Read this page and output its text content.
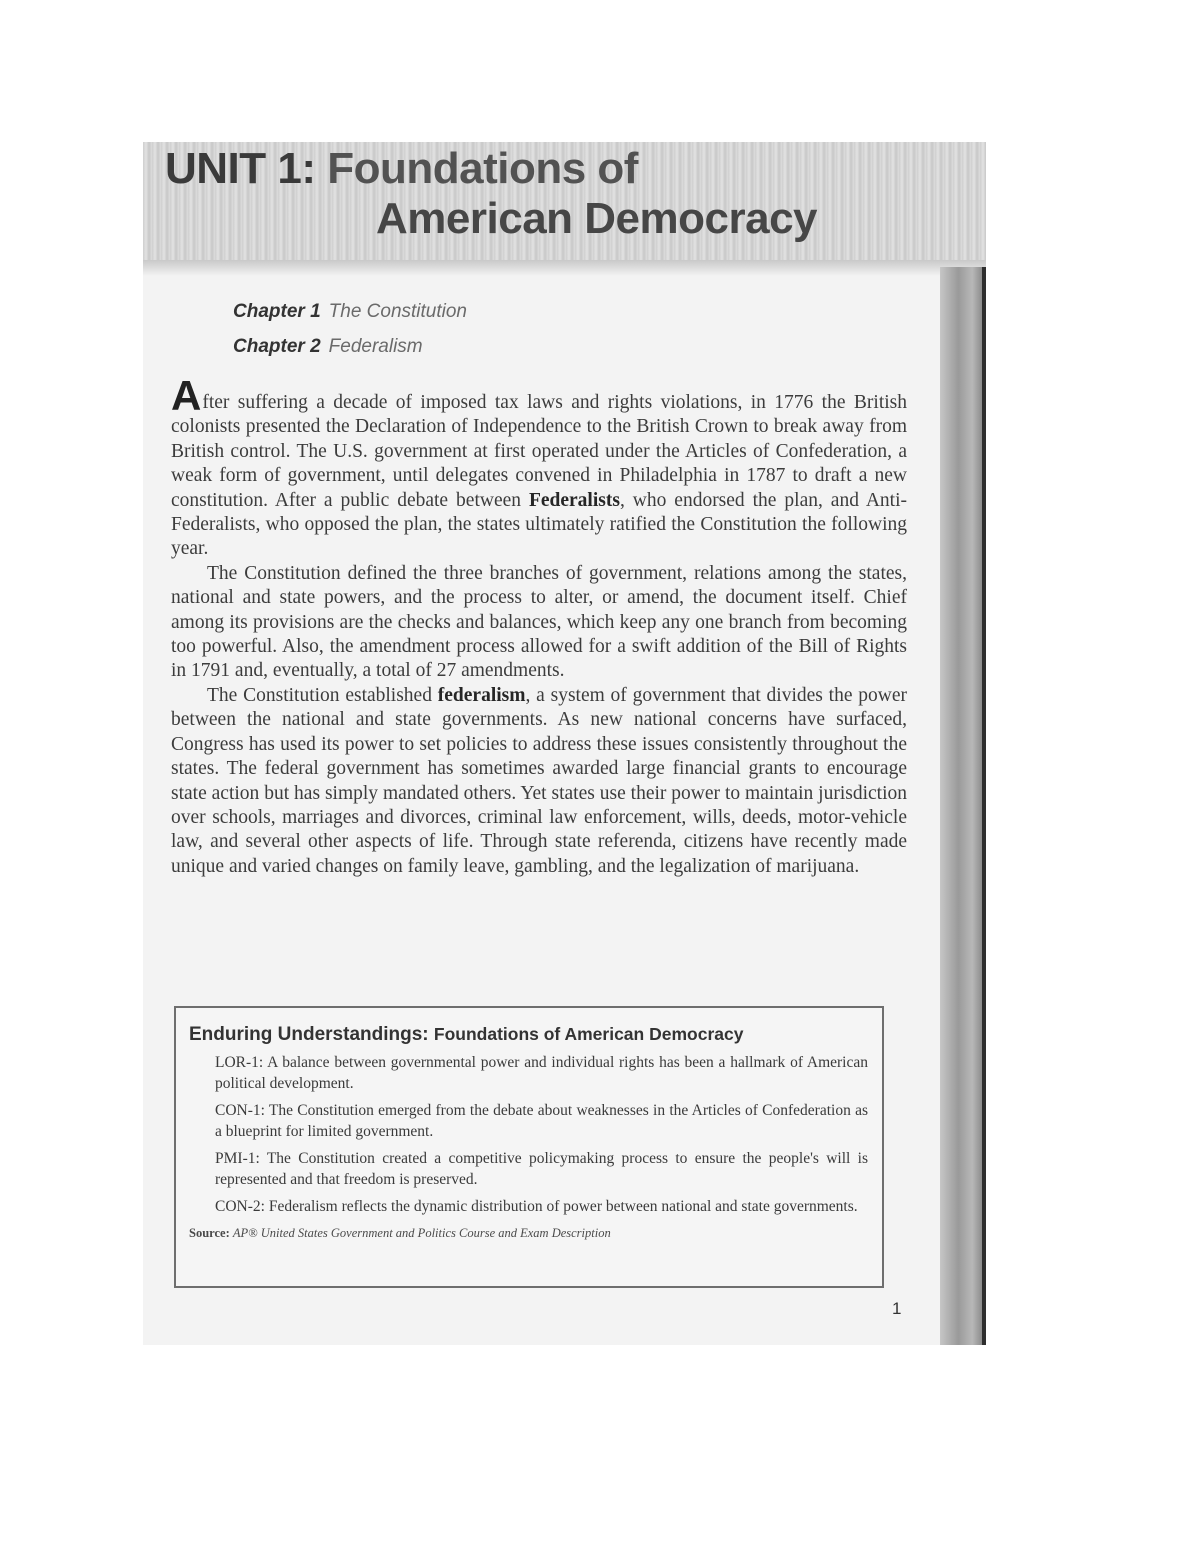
UNIT 1: Foundations of
American Democracy
Chapter 1 The Constitution
Chapter 2 Federalism

After suffering a decade of imposed tax laws and rights violations, in 1776 the British colonists presented the Declaration of Independence to the British Crown to break away from British control. The U.S. government at first operated under the Articles of Confederation, a weak form of government, until delegates convened in Philadelphia in 1787 to draft a new constitution. After a public debate between Federalists, who endorsed the plan, and Anti-Federalists, who opposed the plan, the states ultimately ratified the Constitution the following year.

The Constitution defined the three branches of government, relations among the states, national and state powers, and the process to alter, or amend, the document itself. Chief among its provisions are the checks and balances, which keep any one branch from becoming too powerful. Also, the amendment process allowed for a swift addition of the Bill of Rights in 1791 and, eventually, a total of 27 amendments.

The Constitution established federalism, a system of government that divides the power between the national and state governments. As new national concerns have surfaced, Congress has used its power to set policies to address these issues consistently throughout the states. The federal government has sometimes awarded large financial grants to encourage state action but has simply mandated others. Yet states use their power to maintain jurisdiction over schools, marriages and divorces, criminal law enforcement, wills, deeds, motor-vehicle law, and several other aspects of life. Through state referenda, citizens have recently made unique and varied changes on family leave, gambling, and the legalization of marijuana.

Enduring Understandings: Foundations of American Democracy

LOR-1: A balance between governmental power and individual rights has been a hallmark of American political development.

CON-1: The Constitution emerged from the debate about weaknesses in the Articles of Confederation as a blueprint for limited government.

PMI-1: The Constitution created a competitive policymaking process to ensure the people's will is represented and that freedom is preserved.

CON-2: Federalism reflects the dynamic distribution of power between national and state governments.

Source: AP® United States Government and Politics Course and Exam Description

1
